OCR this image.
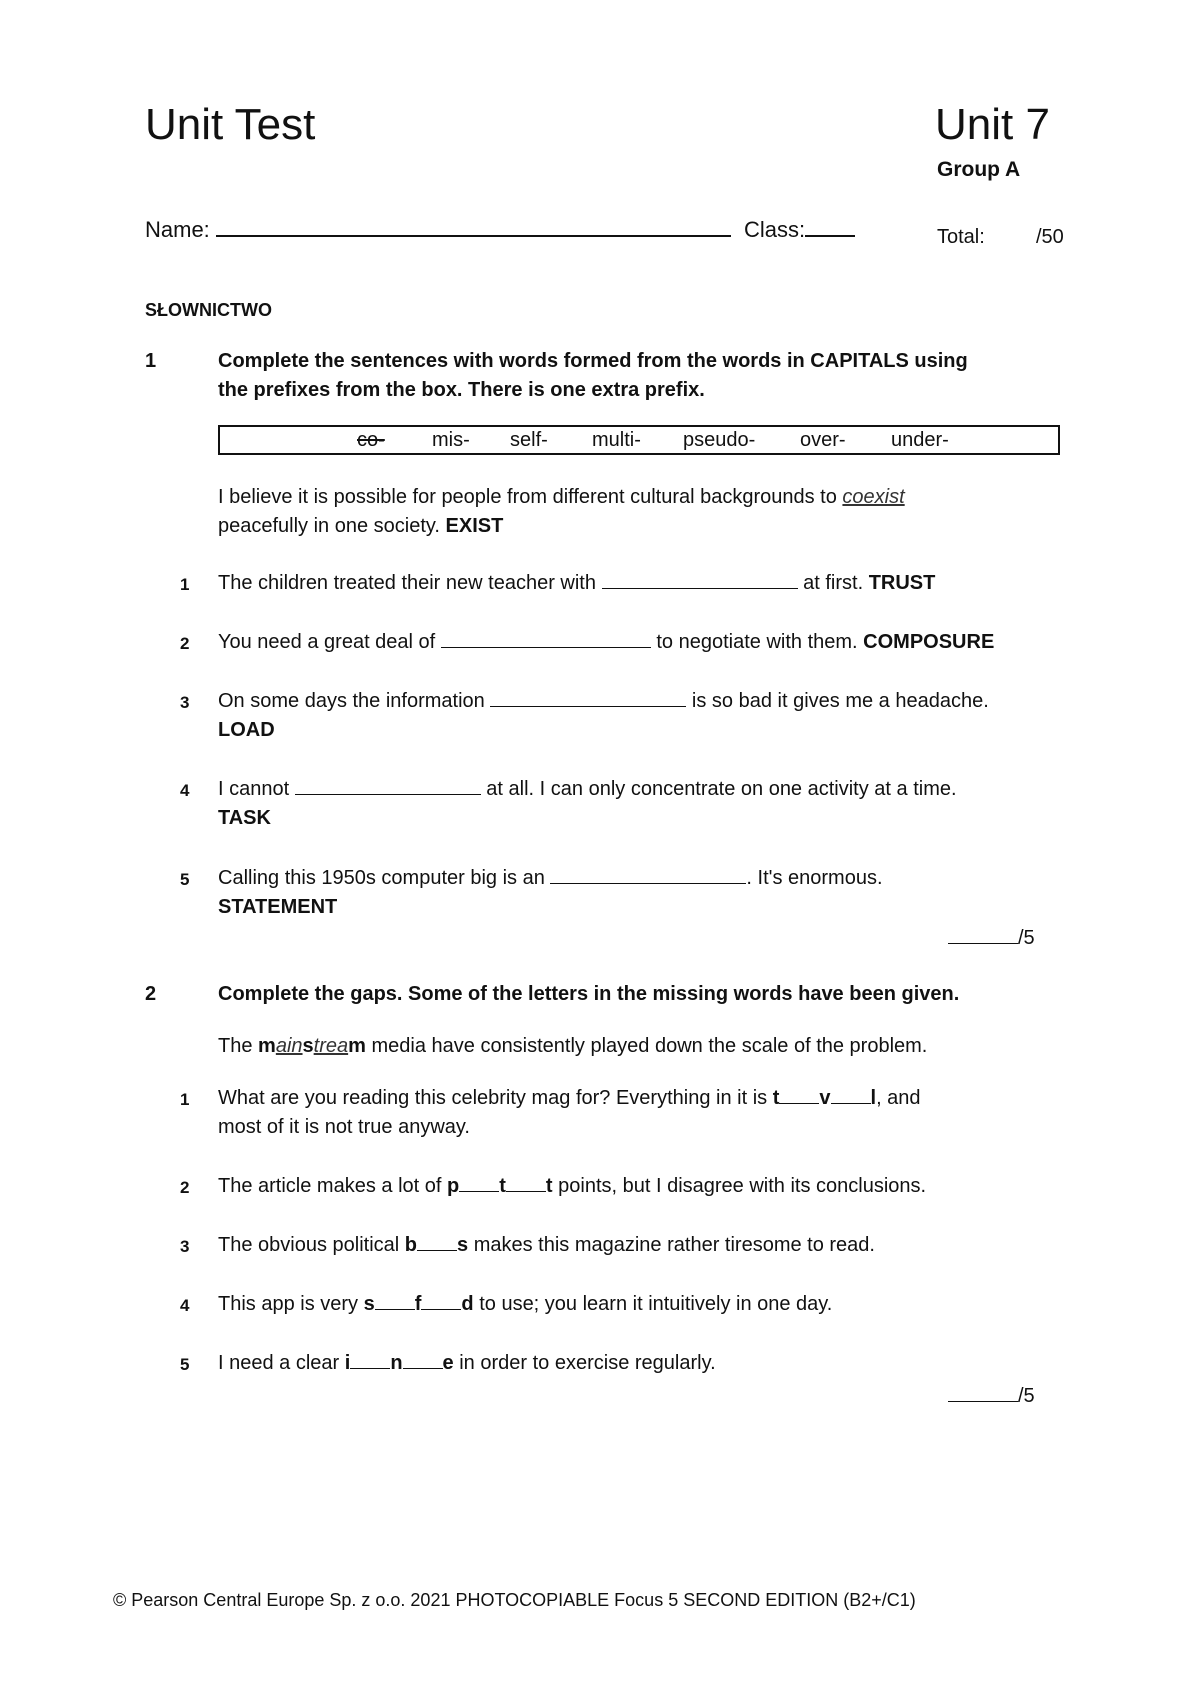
Unit Test	Unit 7
Group A
Name:	Class:	Total:	/50
SŁOWNICTWO
1	Complete the sentences with words formed from the words in CAPITALS using
the prefixes from the box. There is one extra prefix.
co- mis- self- multi- pseudo- over- under-
I believe it is possible for people from different cultural backgrounds to coexist
peacefully in one society. EXIST
1 The children treated their new teacher with	at first. TRUST
2 You need a great deal of	to negotiate with them. COMPOSURE
3 On some days the information	is so bad it gives me a headache.
LOAD
4 I cannot	at all. I can only concentrate on one activity at a time.
TASK
5 Calling this 1950s computer big is an	. It's enormous.
STATEMENT
/5
2	Complete the gaps. Some of the letters in the missing words have been given.
The mainstream media have consistently played down the scale of the problem.
1 What are you reading this celebrity mag for? Everything in it is t v l, and
most of it is not true anyway.
2 The article makes a lot of p t t points, but I disagree with its conclusions.
3 The obvious political b s makes this magazine rather tiresome to read.
4 This app is very s f d to use; you learn it intuitively in one day.
5 I need a clear i n e in order to exercise regularly.
/5
© Pearson Central Europe Sp. z o.o. 2021 PHOTOCOPIABLE Focus 5 SECOND EDITION (B2+/C1)
